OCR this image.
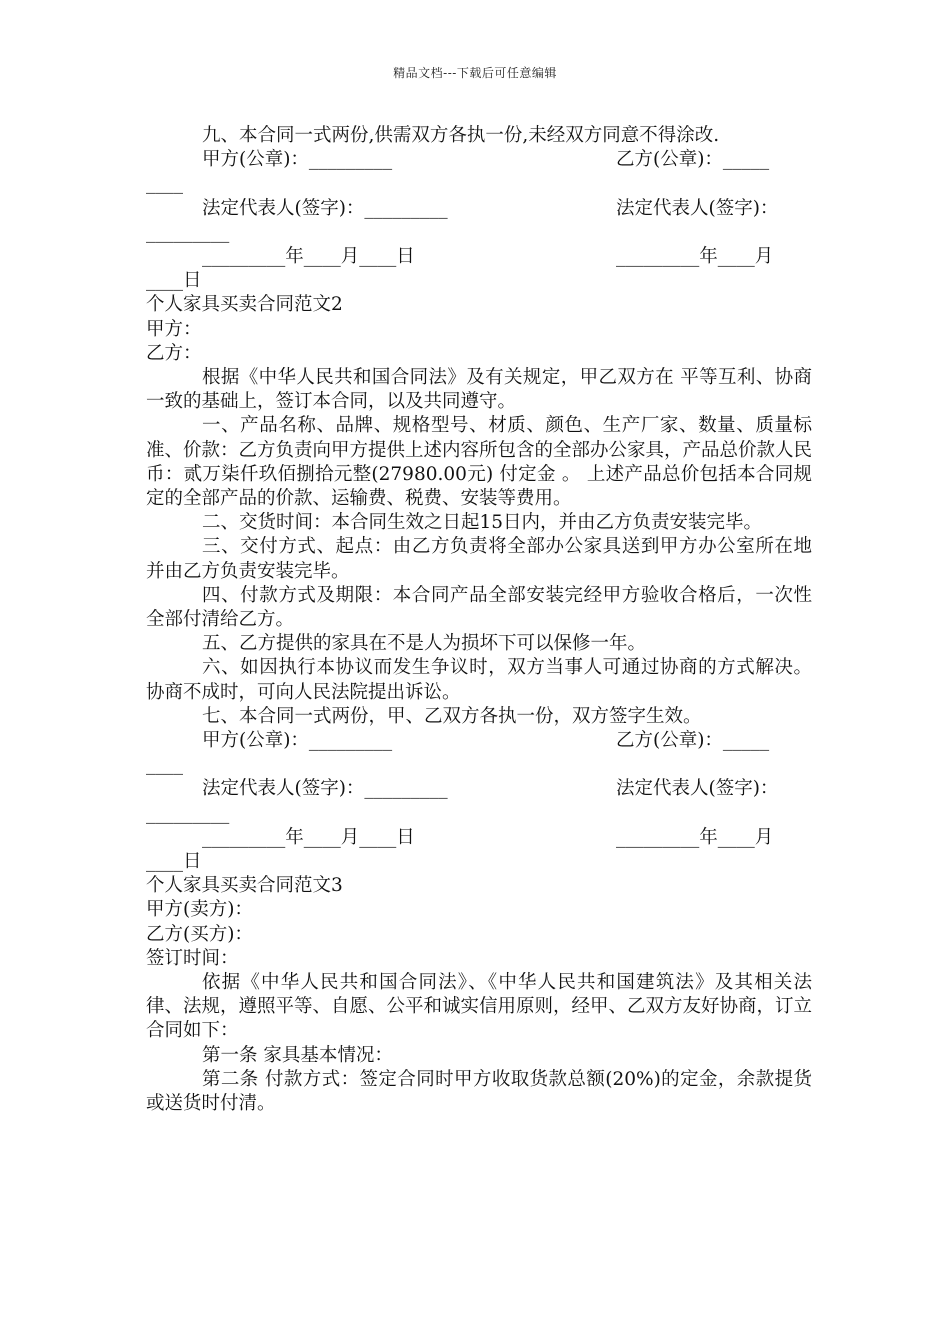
精品文档---下载后可任意编辑

九、本合同一式两份,供需双方各执一份,未经双方同意不得涂改.

甲方(公章)：_________	乙方(公章)：_____
____
法定代表人(签字)：_________	法定代表人(签字)：
_________
_________年____月____日	_________年____月
____日

个人家具买卖合同范文2

甲方：

乙方：

根据《中华人民共和国合同法》及有关规定，甲乙双方在 平等互利、协商一致的基础上，签订本合同，以及共同遵守。

一、产品名称、品牌、规格型号、材质、颜色、生产厂家、数量、质量标准、价款：乙方负责向甲方提供上述内容所包含的全部办公家具，产品总价款人民币：贰万柒仟玖佰捌拾元整(27980.00元) 付定金 。 上述产品总价包括本合同规定的全部产品的价款、运输费、税费、安装等费用。

二、交货时间：本合同生效之日起15日内，并由乙方负责安装完毕。

三、交付方式、起点：由乙方负责将全部办公家具送到甲方办公室所在地 并由乙方负责安装完毕。

四、付款方式及期限：本合同产品全部安装完经甲方验收合格后，一次性全部付清给乙方。

五、乙方提供的家具在不是人为损坏下可以保修一年。

六、如因执行本协议而发生争议时，双方当事人可通过协商的方式解决。协商不成时，可向人民法院提出诉讼。

七、本合同一式两份，甲、乙双方各执一份，双方签字生效。

甲方(公章)：_________	乙方(公章)：_____
____
法定代表人(签字)：_________	法定代表人(签字)：
_________
_________年____月____日	_________年____月
____日

个人家具买卖合同范文3

甲方(卖方)：

乙方(买方)：

签订时间：

依据《中华人民共和国合同法》、《中华人民共和国建筑法》及其相关法律、法规，遵照平等、自愿、公平和诚实信用原则，经甲、乙双方友好协商，订立合同如下：

第一条 家具基本情况：

第二条 付款方式：签定合同时甲方收取货款总额(20%)的定金，余款提货或送货时付清。
